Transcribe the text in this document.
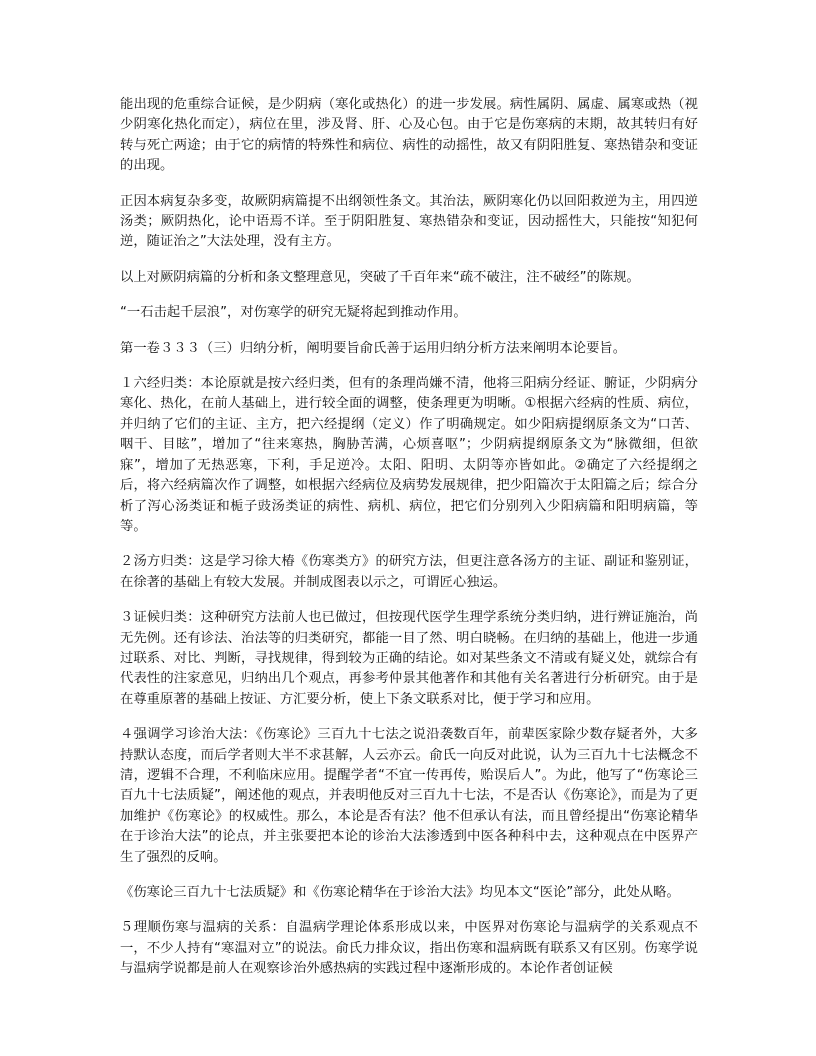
能出现的危重综合证候，是少阴病（寒化或热化）的进一步发展。病性属阴、属虚、属寒或热（视少阴寒化热化而定），病位在里，涉及肾、肝、心及心包。由于它是伤寒病的末期，故其转归有好转与死亡两途；由于它的病情的特殊性和病位、病性的动摇性，故又有阴阳胜复、寒热错杂和变证的出现。

正因本病复杂多变，故厥阴病篇提不出纲领性条文。其治法，厥阴寒化仍以回阳救逆为主，用四逆汤类；厥阴热化，论中语焉不详。至于阴阳胜复、寒热错杂和变证，因动摇性大，只能按“知犯何逆，随证治之”大法处理，没有主方。

以上对厥阴病篇的分析和条文整理意见，突破了千百年来“疏不破注，注不破经”的陈规。

“一石击起千层浪”，对伤寒学的研究无疑将起到推动作用。

第一卷３３３（三）归纳分析，阐明要旨俞氏善于运用归纳分析方法来阐明本论要旨。

１六经归类：本论原就是按六经归类，但有的条理尚嫌不清，他将三阳病分经证、腑证，少阴病分寒化、热化，在前人基础上，进行较全面的调整，使条理更为明晰。①根据六经病的性质、病位，并归纳了它们的主证、主方，把六经提纲（定义）作了明确规定。如少阳病提纲原条文为“口苦、咽干、目眩”，增加了“往来寒热，胸胁苦满，心烦喜呕”；少阴病提纲原条文为“脉微细，但欲寐”，增加了无热恶寒，下利，手足逆冷。太阳、阳明、太阴等亦皆如此。②确定了六经提纲之后，将六经病篇次作了调整，如根据六经病位及病势发展规律，把少阳篇次于太阳篇之后；综合分析了泻心汤类证和栀子豉汤类证的病性、病机、病位，把它们分别列入少阳病篇和阳明病篇，等等。

２汤方归类：这是学习徐大椿《伤寒类方》的研究方法，但更注意各汤方的主证、副证和鉴别证，在徐著的基础上有较大发展。并制成图表以示之，可谓匠心独运。

３证候归类：这种研究方法前人也已做过，但按现代医学生理学系统分类归纳，进行辨证施治，尚无先例。还有诊法、治法等的归类研究，都能一目了然、明白晓畅。在归纳的基础上，他进一步通过联系、对比、判断，寻找规律，得到较为正确的结论。如对某些条文不清或有疑义处，就综合有代表性的注家意见，归纳出几个观点，再参考仲景其他著作和其他有关名著进行分析研究。由于是在尊重原著的基础上按证、方汇要分析，使上下条文联系对比，便于学习和应用。

４强调学习诊治大法：《伤寒论》三百九十七法之说沿袭数百年，前辈医家除少数存疑者外，大多持默认态度，而后学者则大半不求甚解，人云亦云。俞氏一向反对此说，认为三百九十七法概念不清，逻辑不合理，不利临床应用。提醒学者“不宜一传再传，贻误后人”。为此，他写了“伤寒论三百九十七法质疑”，阐述他的观点，并表明他反对三百九十七法，不是否认《伤寒论》，而是为了更加维护《伤寒论》的权威性。那么，本论是否有法？他不但承认有法，而且曾经提出“伤寒论精华在于诊治大法”的论点，并主张要把本论的诊治大法渗透到中医各种科中去，这种观点在中医界产生了强烈的反响。

《伤寒论三百九十七法质疑》和《伤寒论精华在于诊治大法》均见本文“医论”部分，此处从略。

５理顺伤寒与温病的关系：自温病学理论体系形成以来，中医界对伤寒论与温病学的关系观点不一，不少人持有“寒温对立”的说法。俞氏力排众议，指出伤寒和温病既有联系又有区别。伤寒学说与温病学说都是前人在观察诊治外感热病的实践过程中逐渐形成的。本论作者创证候
